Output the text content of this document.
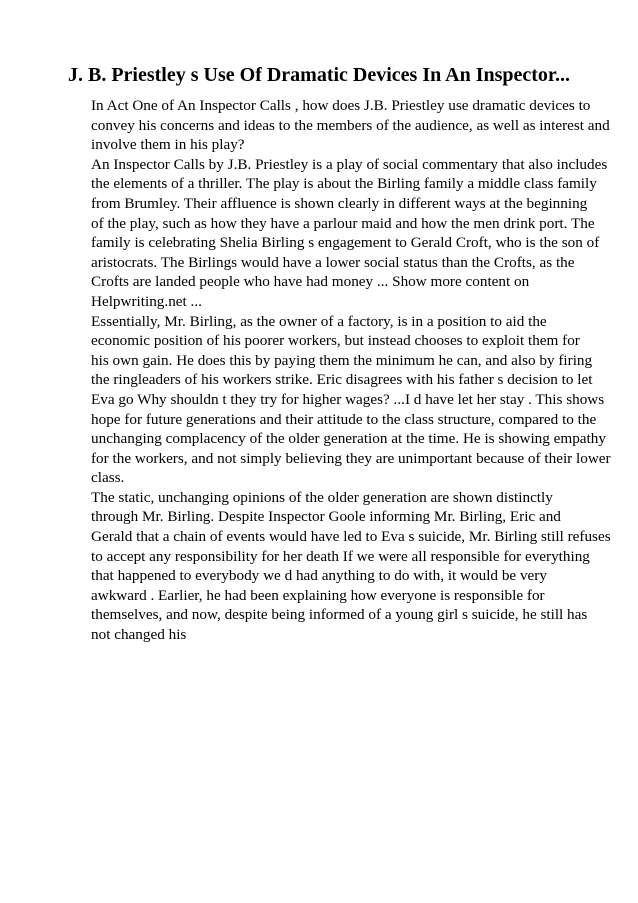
J. B. Priestley s Use Of Dramatic Devices In An Inspector...
In Act One of An Inspector Calls , how does J.B. Priestley use dramatic devices to
convey his concerns and ideas to the members of the audience, as well as interest and
involve them in his play?
An Inspector Calls by J.B. Priestley is a play of social commentary that also includes
the elements of a thriller. The play is about the Birling family a middle class family
from Brumley. Their affluence is shown clearly in different ways at the beginning
of the play, such as how they have a parlour maid and how the men drink port. The
family is celebrating Shelia Birling s engagement to Gerald Croft, who is the son of
aristocrats. The Birlings would have a lower social status than the Crofts, as the
Crofts are landed people who have had money ... Show more content on
Helpwriting.net ...
Essentially, Mr. Birling, as the owner of a factory, is in a position to aid the
economic position of his poorer workers, but instead chooses to exploit them for
his own gain. He does this by paying them the minimum he can, and also by firing
the ringleaders of his workers strike. Eric disagrees with his father s decision to let
Eva go Why shouldn t they try for higher wages? ...I d have let her stay . This shows
hope for future generations and their attitude to the class structure, compared to the
unchanging complacency of the older generation at the time. He is showing empathy
for the workers, and not simply believing they are unimportant because of their lower
class.
The static, unchanging opinions of the older generation are shown distinctly
through Mr. Birling. Despite Inspector Goole informing Mr. Birling, Eric and
Gerald that a chain of events would have led to Eva s suicide, Mr. Birling still refuses
to accept any responsibility for her death If we were all responsible for everything
that happened to everybody we d had anything to do with, it would be very
awkward . Earlier, he had been explaining how everyone is responsible for
themselves, and now, despite being informed of a young girl s suicide, he still has
not changed his
